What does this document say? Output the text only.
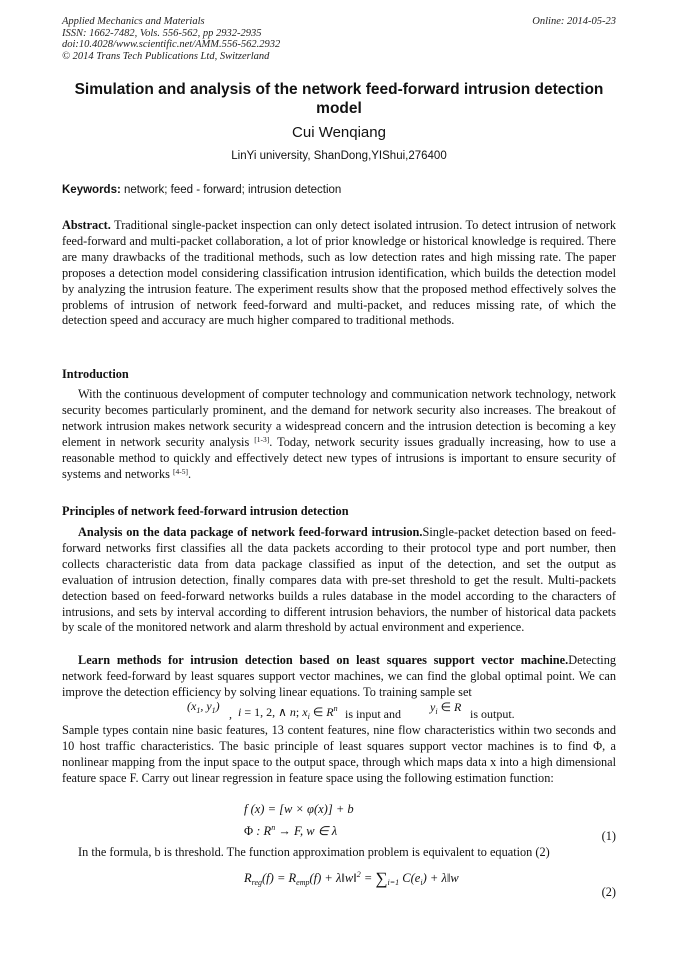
Applied Mechanics and Materials
ISSN: 1662-7482, Vols. 556-562, pp 2932-2935
doi:10.4028/www.scientific.net/AMM.556-562.2932
© 2014 Trans Tech Publications Ltd, Switzerland
Online: 2014-05-23
Simulation and analysis of the network feed-forward intrusion detection model
Cui Wenqiang
LinYi university, ShanDong,YIShui,276400
Keywords: network; feed - forward; intrusion detection
Abstract. Traditional single-packet inspection can only detect isolated intrusion. To detect intrusion of network feed-forward and multi-packet collaboration, a lot of prior knowledge or historical knowledge is required. There are many drawbacks of the traditional methods, such as low detection rates and high missing rate. The paper proposes a detection model considering classification intrusion identification, which builds the detection model by analyzing the intrusion feature. The experiment results show that the proposed method effectively solves the problems of intrusion of network feed-forward and multi-packet, and reduces missing rate, of which the detection speed and accuracy are much higher compared to traditional methods.
Introduction
With the continuous development of computer technology and communication network technology, network security becomes particularly prominent, and the demand for network security also increases. The breakout of network intrusion makes network security a widespread concern and the intrusion detection is becoming a key element in network security analysis [1-3]. Today, network security issues gradually increasing, how to use a reasonable method to quickly and effectively detect new types of intrusions is important to ensure security of systems and networks [4-5].
Principles of network feed-forward intrusion detection
Analysis on the data package of network feed-forward intrusion.Single-packet detection based on feed-forward networks first classifies all the data packets according to their protocol type and port number, then collects characteristic data from data package classified as input of the detection, and set the output as evaluation of intrusion detection, finally compares data with pre-set threshold to get the result. Multi-packets detection based on feed-forward networks builds a rules database in the model according to the characters of intrusions, and sets by interval according to different intrusion behaviors, the number of historical data packets by scale of the monitored network and alarm threshold by actual environment and experience.
Learn methods for intrusion detection based on least squares support vector machine.Detecting network feed-forward by least squares support vector machines, we can find the global optimal point. We can improve the detection efficiency by solving linear equations. To training sample set
($x_1$, $y_1$)
, i = 1, 2, ∧ n; $x_i$ ∈ $R^n$ is input and $y_i$ ∈ R is output.
Sample types contain nine basic features, 13 content features, nine flow characteristics within two seconds and 10 host traffic characteristics. The basic principle of least squares support vector machines is to find Φ, a nonlinear mapping from the input space to the output space, through which maps data x into a high dimensional feature space F. Carry out linear regression in feature space using the following estimation function:
f (x) = [w × φ(x)] + b
Φ : $R^n \to F$, w ∈ λ	(1)
In the formula, b is threshold. The function approximation problem is equivalent to equation (2)
$R_{reg}(f) = R_{emp}(f)$ + λ‖w‖$^2$ = $\sum_{i=1}$ $C(e_i)$ + λ‖w
(2)
